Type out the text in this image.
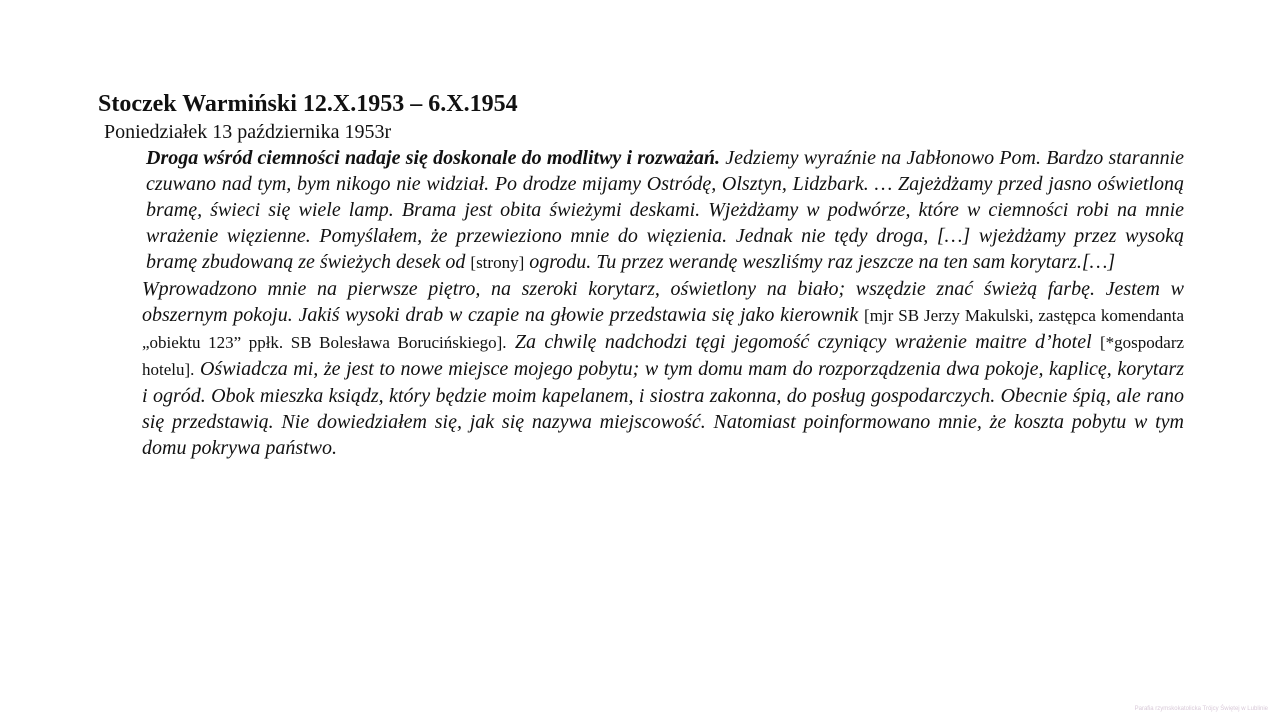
Stoczek Warmiński 12.X.1953 – 6.X.1954

Poniedziałek 13 października 1953r

Droga wśród ciemności nadaje się doskonale do modlitwy i rozważań. Jedziemy wyraźnie na Jabłonowo Pom. Bardzo starannie czuwano nad tym, bym nikogo nie widział. Po drodze mijamy Ostródę, Olsztyn, Lidzbark. … Zajeżdżamy przed jasno oświetloną bramę, świeci się wiele lamp. Brama jest obita świeżymi deskami. Wjeżdżamy w podwórze, które w ciemności robi na mnie wrażenie więzienne. Pomyślałem, że przewieziono mnie do więzienia. Jednak nie tędy droga, […] wjeżdżamy przez wysoką bramę zbudowaną ze świeżych desek od [strony] ogrodu. Tu przez werandę weszliśmy raz jeszcze na ten sam korytarz.[…]
Wprowadzono mnie na pierwsze piętro, na szeroki korytarz, oświetlony na biało; wszędzie znać świeżą farbę. Jestem w obszernym pokoju. Jakiś wysoki drab w czapie na głowie przedstawia się jako kierownik [mjr SB Jerzy Makulski, zastępca komendanta „obiektu 123” ppłk. SB Bolesława Borucińskiego]. Za chwilę nadchodzi tęgi jegomość czyniący wrażenie maitre d’hotel [*gospodarz hotelu]. Oświadcza mi, że jest to nowe miejsce mojego pobytu; w tym domu mam do rozporządzenia dwa pokoje, kaplicę, korytarz i ogród. Obok mieszka ksiądz, który będzie moim kapelanem, i siostra zakonna, do posług gospodarczych. Obecnie śpią, ale rano się przedstawią. Nie dowiedziałem się, jak się nazywa miejscowość. Natomiast poinformowano mnie, że koszta pobytu w tym domu pokrywa państwo.
Parafia rzymskokatolicka Trójcy Świętej w Lublinie
